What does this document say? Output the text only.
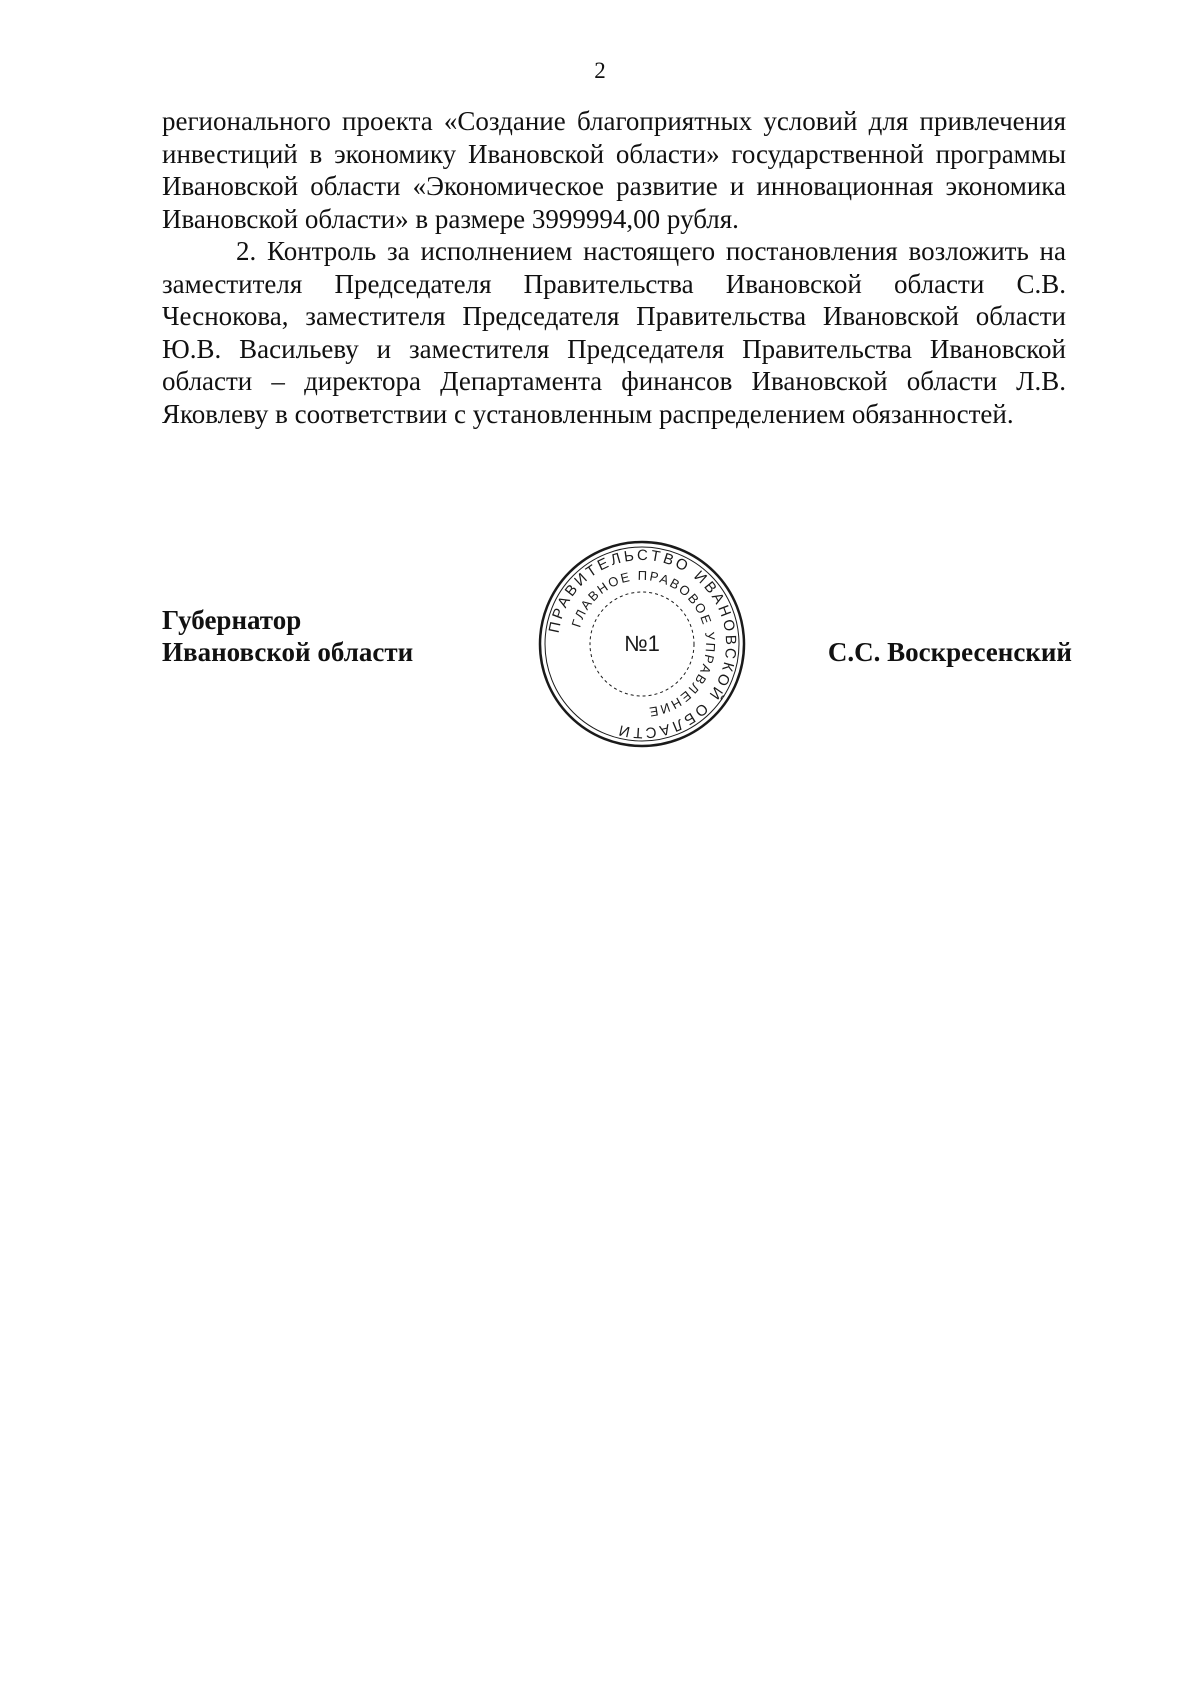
2

регионального проекта «Создание благоприятных условий для привлечения инвестиций в экономику Ивановской области» государственной программы Ивановской области «Экономическое развитие и инновационная экономика Ивановской области» в размере 3999994,00 рубля.

2. Контроль за исполнением настоящего постановления возложить на заместителя Председателя Правительства Ивановской области С.В. Чеснокова, заместителя Председателя Правительства Ивановской области Ю.В. Васильеву и заместителя Председателя Правительства Ивановской области – директора Департамента финансов Ивановской области Л.В. Яковлеву в соответствии с установленным распределением обязанностей.

Губернатор
Ивановской области	С.С. Воскресенский
ПРАВИТЕЛЬСТВО ИВАНОВСКОЙ ОБЛАСТИ
ГЛАВНОЕ ПРАВОВОЕ УПРАВЛЕНИЕ
№1
